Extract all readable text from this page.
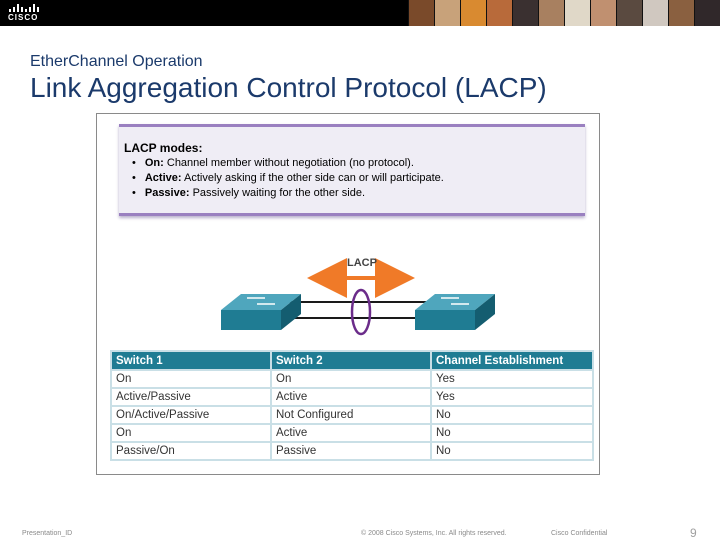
CISCO
EtherChannel Operation
Link Aggregation Control Protocol (LACP)
LACP modes:
• On: Channel member without negotiation (no protocol).
• Active: Actively asking if the other side can or will participate.
• Passive: Passively waiting for the other side.
LACP
Switch 1	Switch 2	Channel Establishment
On	On	Yes
Active/Passive	Active	Yes
On/Active/Passive	Not Configured	No
On	Active	No
Passive/On	Passive	No
Presentation_ID	© 2008 Cisco Systems, Inc. All rights reserved.	Cisco Confidential	9
